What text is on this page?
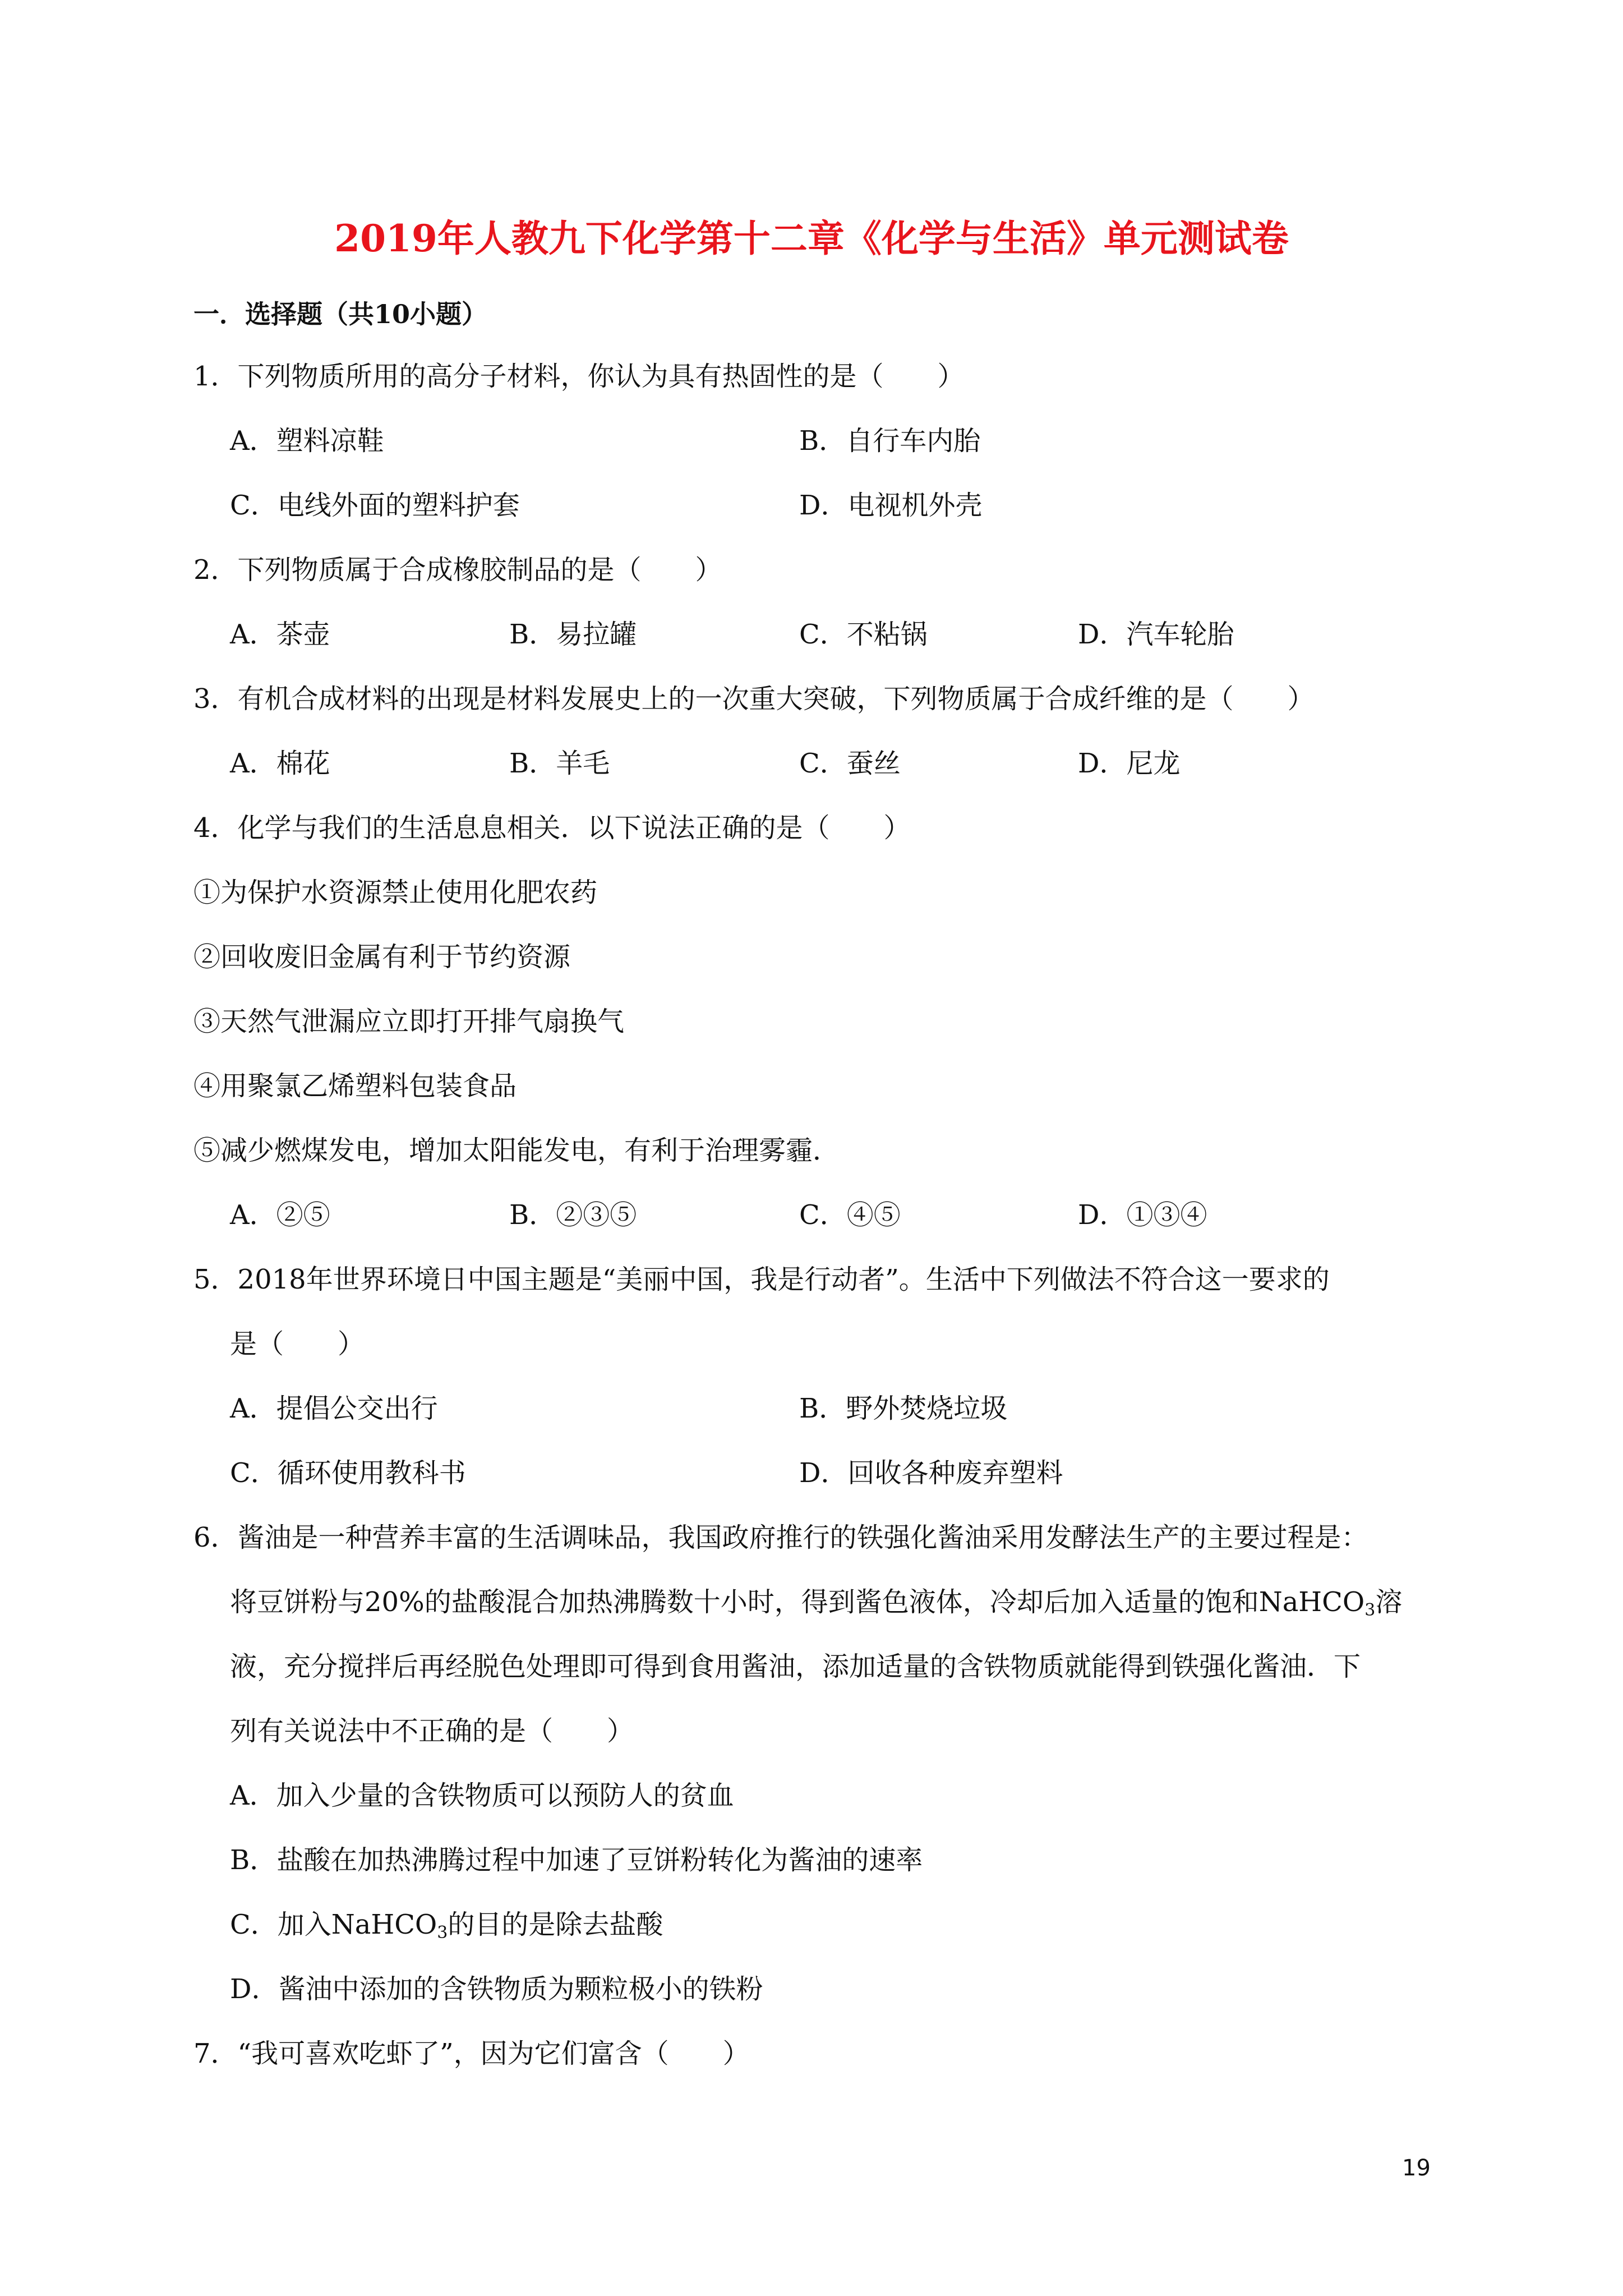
2019年人教九下化学第十二章《化学与生活》单元测试卷
一．选择题（共10小题）
1．下列物质所用的高分子材料，你认为具有热固性的是（　　）
A．塑料凉鞋	B．自行车内胎
C．电线外面的塑料护套	D．电视机外壳
2．下列物质属于合成橡胶制品的是（　　）
A．茶壶	B．易拉罐	C．不粘锅	D．汽车轮胎
3．有机合成材料的出现是材料发展史上的一次重大突破，下列物质属于合成纤维的是（　　）
A．棉花	B．羊毛	C．蚕丝	D．尼龙
4．化学与我们的生活息息相关．以下说法正确的是（　　）
①为保护水资源禁止使用化肥农药
②回收废旧金属有利于节约资源
③天然气泄漏应立即打开排气扇换气
④用聚氯乙烯塑料包装食品
⑤减少燃煤发电，增加太阳能发电，有利于治理雾霾．
A．②⑤	B．②③⑤	C．④⑤	D．①③④
5．2018年世界环境日中国主题是“美丽中国，我是行动者”。生活中下列做法不符合这一要求的
是（　　）
A．提倡公交出行	B．野外焚烧垃圾
C．循环使用教科书	D．回收各种废弃塑料
6．酱油是一种营养丰富的生活调味品，我国政府推行的铁强化酱油采用发酵法生产的主要过程是：
将豆饼粉与20%的盐酸混合加热沸腾数十小时，得到酱色液体，冷却后加入适量的饱和NaHCO$_3$溶
液，充分搅拌后再经脱色处理即可得到食用酱油，添加适量的含铁物质就能得到铁强化酱油．下
列有关说法中不正确的是（　　）
A．加入少量的含铁物质可以预防人的贫血
B．盐酸在加热沸腾过程中加速了豆饼粉转化为酱油的速率
C．加入NaHCO$_3$的目的是除去盐酸
D．酱油中添加的含铁物质为颗粒极小的铁粉
7．“我可喜欢吃虾了”，因为它们富含（　　）
19
